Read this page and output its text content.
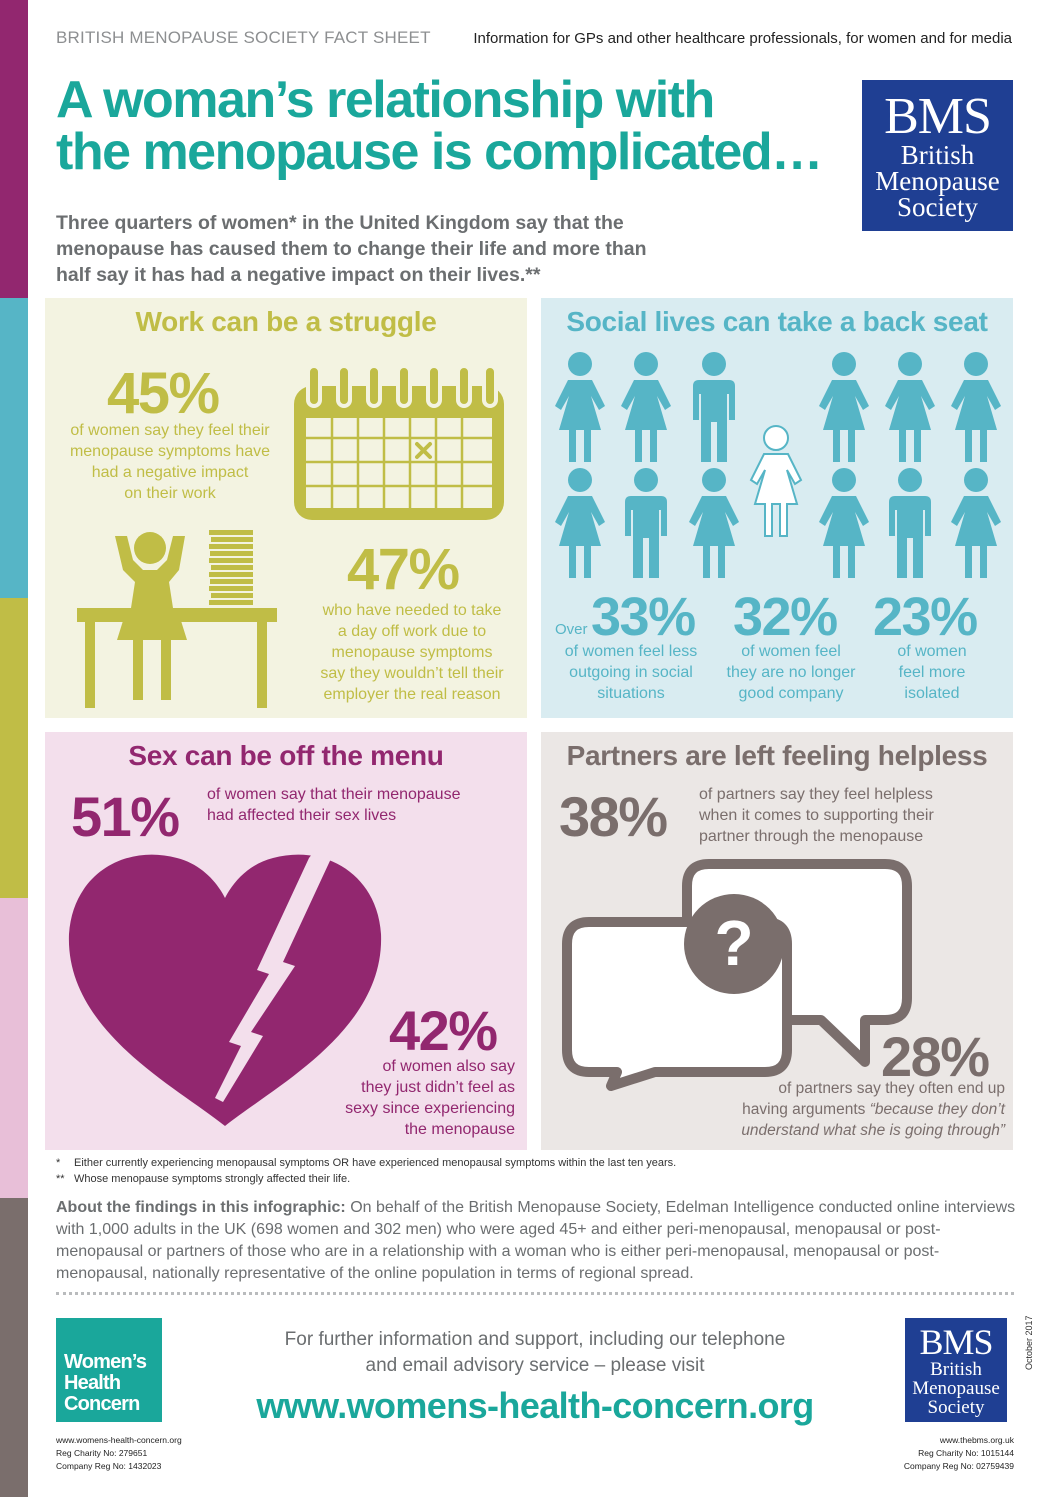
BRITISH MENOPAUSE SOCIETY FACT SHEET	Information for GPs and other healthcare professionals, for women and for media
A woman’s relationship with
the menopause is complicated…
BMS
British
Menopause
Society
Three quarters of women* in the United Kingdom say that the
menopause has caused them to change their life and more than
half say it has had a negative impact on their lives.**
Work can be a struggle
45%
of women say they feel their
menopause symptoms have
had a negative impact
on their work
47%
who have needed to take
a day off work due to
menopause symptoms
say they wouldn’t tell their
employer the real reason
Social lives can take a back seat
Over 33% 32% 23%
of women feel less
outgoing in social
situations
of women feel
they are no longer
good company
of women
feel more
isolated
Sex can be off the menu
51% of women say that their menopause
had affected their sex lives
42%
of women also say
they just didn’t feel as
sexy since experiencing
the menopause
Partners are left feeling helpless
38% of partners say they feel helpless
when it comes to supporting their
partner through the menopause
?
28%
of partners say they often end up
having arguments “because they don’t
understand what she is going through”
* Either currently experiencing menopausal symptoms OR have experienced menopausal symptoms within the last ten years.
** Whose menopause symptoms strongly affected their life.
About the findings in this infographic: On behalf of the British Menopause Society, Edelman Intelligence conducted online interviews with 1,000 adults in the UK (698 women and 302 men) who were aged 45+ and either peri-menopausal, menopausal or post-menopausal or partners of those who are in a relationship with a woman who is either peri-menopausal, menopausal or post-menopausal, nationally representative of the online population in terms of regional spread.
Women’s
Health
Concern
www.womens-health-concern.org
Reg Charity No: 279651
Company Reg No: 1432023
For further information and support, including our telephone
and email advisory service – please visit
www.womens-health-concern.org
BMS
British
Menopause
Society
www.thebms.org.uk
Reg Charity No: 1015144
Company Reg No: 02759439
October 2017
